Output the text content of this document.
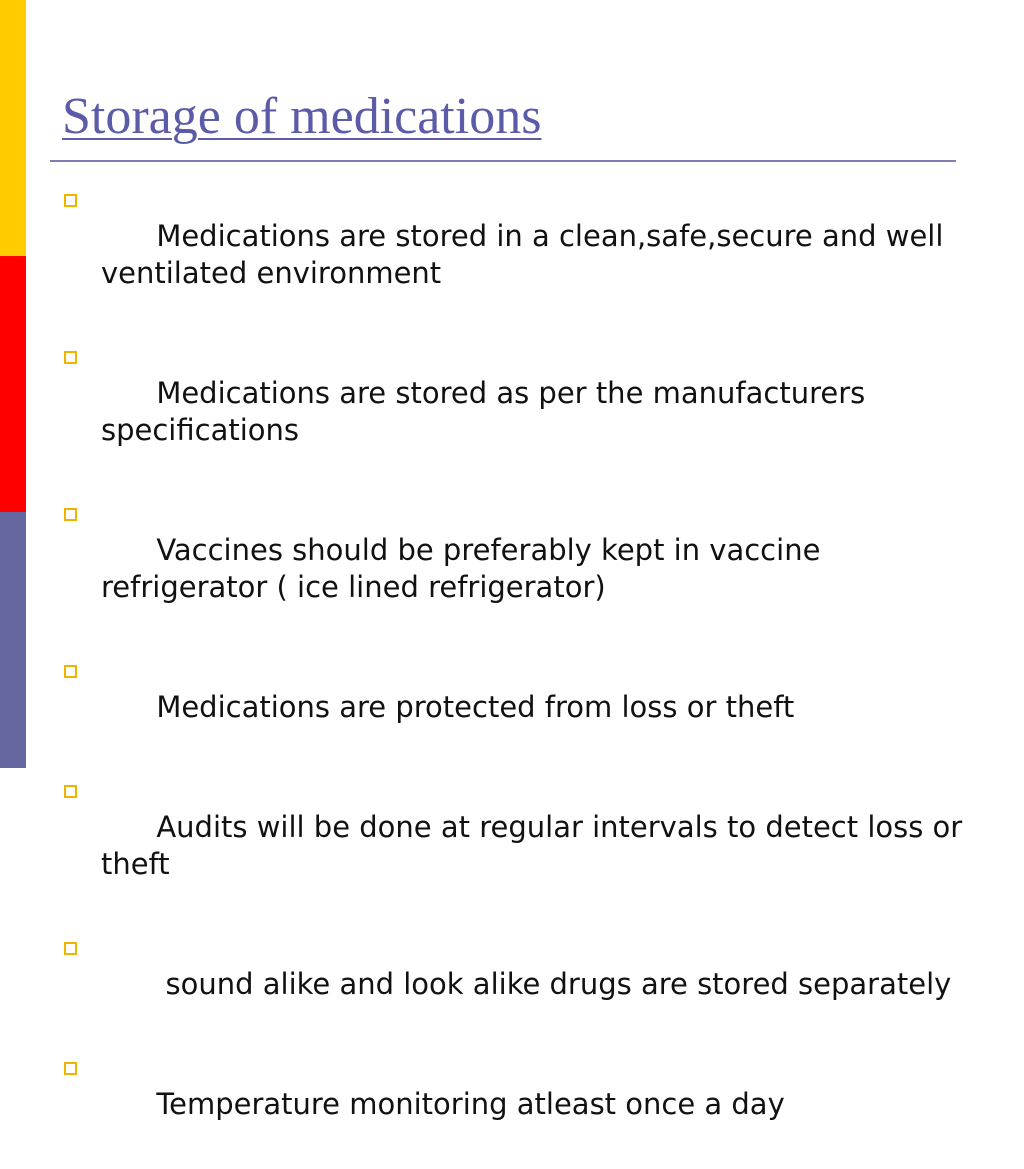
Storage of medications

Medications are stored in a clean,safe,secure and well ventilated environment

Medications are stored as per the manufacturers specifications

Vaccines should be preferably kept in vaccine refrigerator ( ice lined refrigerator)

Medications are protected from loss or theft

Audits will be done at regular intervals to detect loss or theft

sound alike and look alike drugs are stored separately

Temperature monitoring atleast once a day
